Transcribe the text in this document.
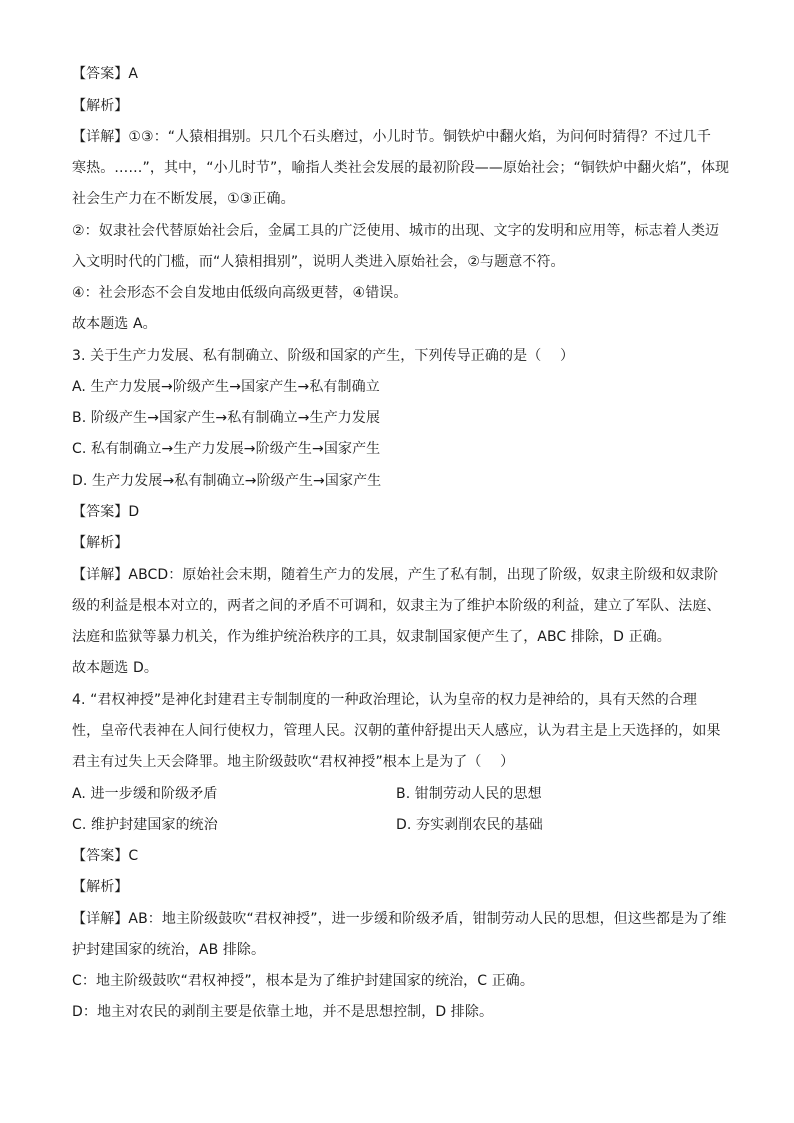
【答案】A
【解析】
【详解】①③：“人猿相揖别。只几个石头磨过，小儿时节。铜铁炉中翻火焰，为问何时猜得？不过几千
寒热。……”，其中，“小儿时节”，喻指人类社会发展的最初阶段——原始社会；“铜铁炉中翻火焰”，体现
社会生产力在不断发展，①③正确。
②：奴隶社会代替原始社会后，金属工具的广泛使用、城市的出现、文字的发明和应用等，标志着人类迈
入文明时代的门槛，而“人猿相揖别”，说明人类进入原始社会，②与题意不符。
④：社会形态不会自发地由低级向高级更替，④错误。
故本题选 A。
3. 关于生产力发展、私有制确立、阶级和国家的产生，下列传导正确的是（　 ）
A. 生产力发展→阶级产生→国家产生→私有制确立
B. 阶级产生→国家产生→私有制确立→生产力发展
C. 私有制确立→生产力发展→阶级产生→国家产生
D. 生产力发展→私有制确立→阶级产生→国家产生
【答案】D
【解析】
【详解】ABCD：原始社会末期，随着生产力的发展，产生了私有制，出现了阶级，奴隶主阶级和奴隶阶
级的利益是根本对立的，两者之间的矛盾不可调和，奴隶主为了维护本阶级的利益，建立了军队、法庭、
法庭和监狱等暴力机关，作为维护统治秩序的工具，奴隶制国家便产生了，ABC 排除，D 正确。
故本题选 D。
4. “君权神授”是神化封建君主专制制度的一种政治理论，认为皇帝的权力是神给的，具有天然的合理
性，皇帝代表神在人间行使权力，管理人民。汉朝的董仲舒提出天人感应，认为君主是上天选择的，如果
君主有过失上天会降罪。地主阶级鼓吹“君权神授”根本上是为了（　 ）
A. 进一步缓和阶级矛盾	B. 钳制劳动人民的思想
C. 维护封建国家的统治	D. 夯实剥削农民的基础
【答案】C
【解析】
【详解】AB：地主阶级鼓吹“君权神授”，进一步缓和阶级矛盾，钳制劳动人民的思想，但这些都是为了维
护封建国家的统治，AB 排除。
C：地主阶级鼓吹“君权神授”，根本是为了维护封建国家的统治，C 正确。
D：地主对农民的剥削主要是依靠土地，并不是思想控制，D 排除。
